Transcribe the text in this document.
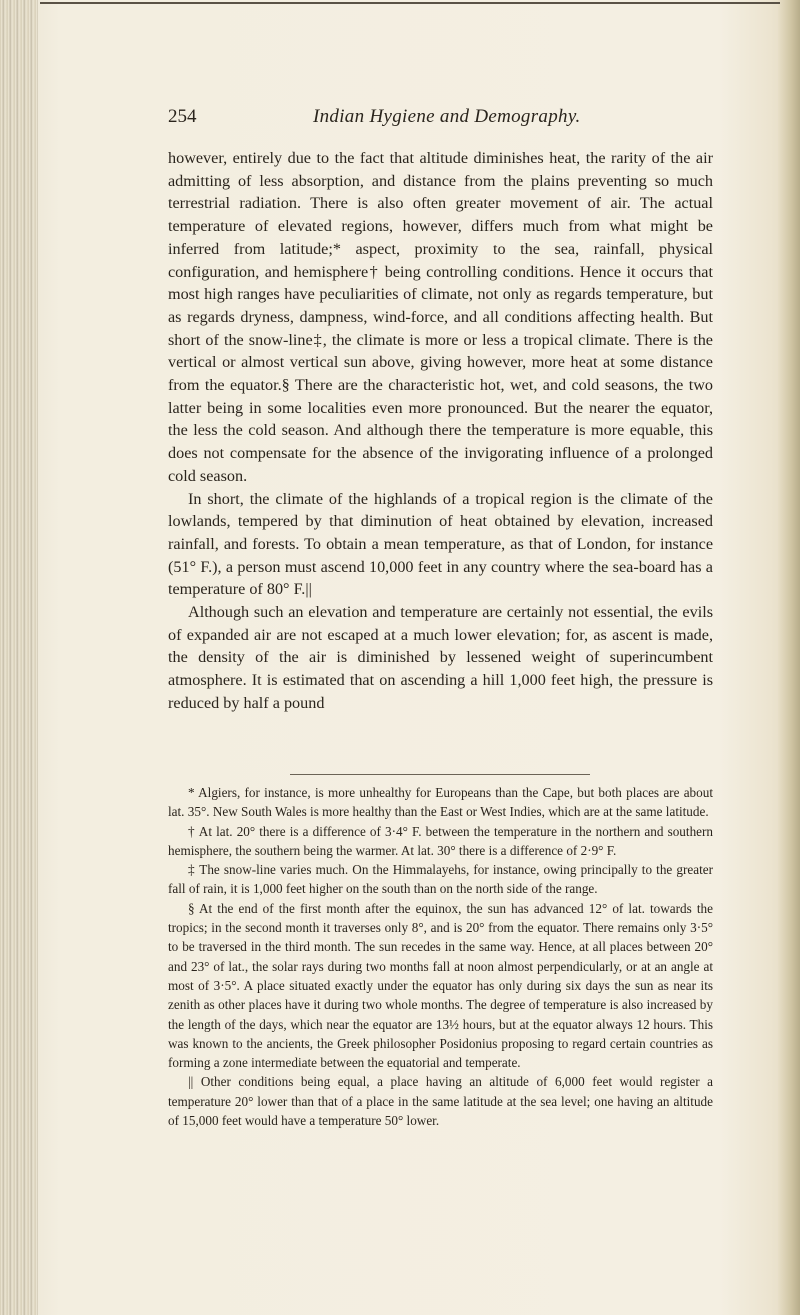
254	Indian Hygiene and Demography.

however, entirely due to the fact that altitude diminishes heat, the rarity of the air admitting of less absorption, and distance from the plains preventing so much terrestrial radiation. There is also often greater movement of air. The actual temperature of elevated regions, however, differs much from what might be inferred from latitude;* aspect, proximity to the sea, rainfall, physical configuration, and hemisphere† being controlling conditions. Hence it occurs that most high ranges have peculiarities of climate, not only as regards temperature, but as regards dryness, dampness, wind-force, and all conditions affecting health. But short of the snow-line‡, the climate is more or less a tropical climate. There is the vertical or almost vertical sun above, giving however, more heat at some distance from the equator.§ There are the characteristic hot, wet, and cold seasons, the two latter being in some localities even more pronounced. But the nearer the equator, the less the cold season. And although there the temperature is more equable, this does not compensate for the absence of the invigorating influence of a prolonged cold season.

In short, the climate of the highlands of a tropical region is the climate of the lowlands, tempered by that diminution of heat obtained by elevation, increased rainfall, and forests. To obtain a mean temperature, as that of London, for instance (51° F.), a person must ascend 10,000 feet in any country where the sea-board has a temperature of 80° F.||

Although such an elevation and temperature are certainly not essential, the evils of expanded air are not escaped at a much lower elevation; for, as ascent is made, the density of the air is diminished by lessened weight of superincumbent atmosphere. It is estimated that on ascending a hill 1,000 feet high, the pressure is reduced by half a pound

* Algiers, for instance, is more unhealthy for Europeans than the Cape, but both places are about lat. 35°. New South Wales is more healthy than the East or West Indies, which are at the same latitude.

† At lat. 20° there is a difference of 3·4° F. between the temperature in the northern and southern hemisphere, the southern being the warmer. At lat. 30° there is a difference of 2·9° F.

‡ The snow-line varies much. On the Himmalayehs, for instance, owing principally to the greater fall of rain, it is 1,000 feet higher on the south than on the north side of the range.

§ At the end of the first month after the equinox, the sun has advanced 12° of lat. towards the tropics; in the second month it traverses only 8°, and is 20° from the equator. There remains only 3·5° to be traversed in the third month. The sun recedes in the same way. Hence, at all places between 20° and 23° of lat., the solar rays during two months fall at noon almost perpendicularly, or at an angle at most of 3·5°. A place situated exactly under the equator has only during six days the sun as near its zenith as other places have it during two whole months. The degree of temperature is also increased by the length of the days, which near the equator are 13½ hours, but at the equator always 12 hours. This was known to the ancients, the Greek philosopher Posidonius proposing to regard certain countries as forming a zone intermediate between the equatorial and temperate.

|| Other conditions being equal, a place having an altitude of 6,000 feet would register a temperature 20° lower than that of a place in the same latitude at the sea level; one having an altitude of 15,000 feet would have a temperature 50° lower.
